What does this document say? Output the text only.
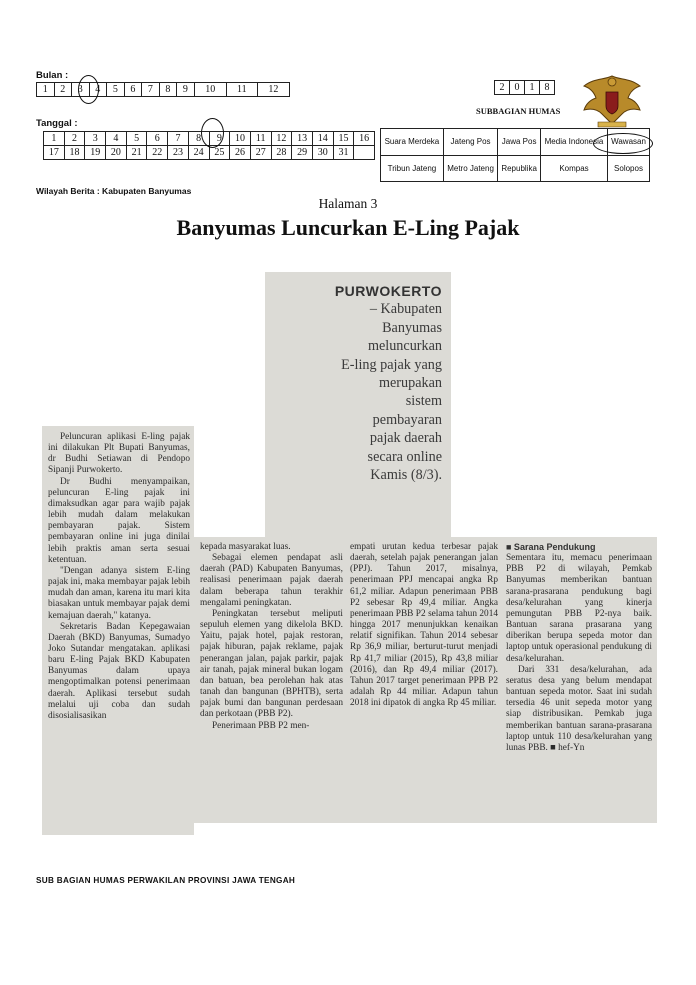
Bulan :
1	2	3	4	5	6	7	8	9	10	11	12
Tanggal :
1	2	3	4	5	6	7	8	9	10	11	12	13	14	15	16
17	18	19	20	21	22	23	24	25	26	27	28	29	30	31	
Wilayah Berita : Kabupaten Banyumas
2	0	1	8
SUBBAGIAN HUMAS
Suara Merdeka	Jateng Pos	Jawa Pos	Media Indonesia	Wawasan
Tribun Jateng	Metro Jateng	Republika	Kompas	Solopos
Halaman 3
Banyumas Luncurkan E-Ling Pajak
PURWOKERTO
– Kabupaten
Banyumas
meluncurkan
E-ling pajak yang
merupakan
sistem
pembayaran
pajak daerah
secara online
Kamis (8/3).

Peluncuran aplikasi E-ling pajak ini dilakukan Plt Bupati Banyumas, dr Budhi Setiawan di Pendopo Sipanji Purwokerto.

Dr Budhi menyampaikan, peluncuran E-ling pajak ini dimaksudkan agar para wajib pajak lebih mudah dalam melakukan pembayaran pajak. Sistem pembayaran online ini juga dinilai lebih praktis aman serta sesuai ketentuan.

"Dengan adanya sistem E-ling pajak ini, maka membayar pajak lebih mudah dan aman, karena itu mari kita biasakan untuk membayar pajak demi kemajuan daerah," katanya.

Sekretaris Badan Kepegawaian Daerah (BKD) Banyumas, Sumadyo Joko Sutandar mengatakan. aplikasi baru E-ling Pajak BKD Kabupaten Banyumas dalam upaya mengoptimalkan potensi penerimaan daerah. Aplikasi tersebut sudah melalui uji coba dan sudah disosialisasikan

kepada masyarakat luas.

Sebagai elemen pendapat asli daerah (PAD) Kabupaten Banyumas, realisasi penerimaan pajak daerah dalam beberapa tahun terakhir mengalami peningkatan.

Peningkatan tersebut meliputi sepuluh elemen yang dikelola BKD. Yaitu, pajak hotel, pajak restoran, pajak hiburan, pajak reklame, pajak penerangan jalan, pajak parkir, pajak air tanah, pajak mineral bukan logam dan batuan, bea perolehan hak atas tanah dan bangunan (BPHTB), serta pajak bumi dan bangunan perdesaan dan perkotaan (PBB P2).

Penerimaan PBB P2 men-

empati urutan kedua terbesar pajak daerah, setelah pajak penerangan jalan (PPJ). Tahun 2017, misalnya, penerimaan PPJ mencapai angka Rp 61,2 miliar. Adapun penerimaan PBB P2 sebesar Rp 49,4 miliar. Angka penerimaan PBB P2 selama tahun 2014 hingga 2017 menunjukkan kenaikan relatif signifikan. Tahun 2014 sebesar Rp 36,9 miliar, berturut-turut menjadi Rp 41,7 miliar (2015), Rp 43,8 miliar (2016), dan Rp 49,4 miliar (2017). Tahun 2017 target penerimaan PPB P2 adalah Rp 44 miliar. Adapun tahun 2018 ini dipatok di angka Rp 45 miliar.

■ Sarana Pendukung

Sementara itu, memacu penerimaan PBB P2 di wilayah, Pemkab Banyumas memberikan bantuan sarana-prasarana pendukung bagi desa/kelurahan yang kinerja pemungutan PBB P2-nya baik. Bantuan sarana prasarana yang diberikan berupa sepeda motor dan laptop untuk operasional pendukung di desa/kelurahan.

Dari 331 desa/kelurahan, ada seratus desa yang belum mendapat bantuan sepeda motor. Saat ini sudah tersedia 46 unit sepeda motor yang siap distribusikan. Pemkab juga memberikan bantuan sarana-prasarana laptop untuk 110 desa/kelurahan yang lunas PBB. ■ hef-Yn

SUB BAGIAN HUMAS PERWAKILAN PROVINSI JAWA TENGAH
